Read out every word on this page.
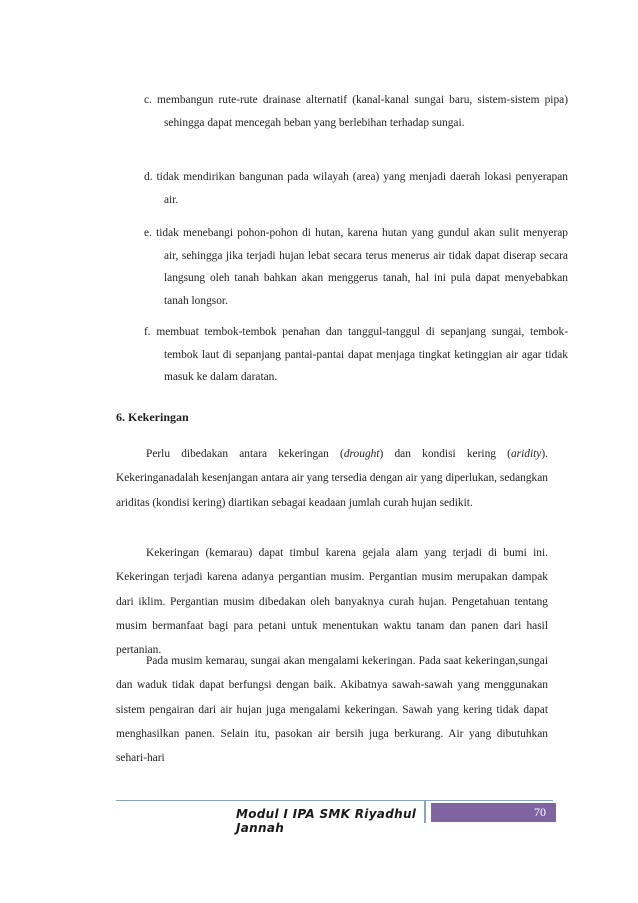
c. membangun rute-rute drainase alternatif (kanal-kanal sungai baru, sistem-sistem pipa) sehingga dapat mencegah beban yang berlebihan terhadap sungai.
d. tidak mendirikan bangunan pada wilayah (area) yang menjadi daerah lokasi penyerapan air.
e. tidak menebangi pohon-pohon di hutan, karena hutan yang gundul akan sulit menyerap air, sehingga jika terjadi hujan lebat secara terus menerus air tidak dapat diserap secara langsung oleh tanah bahkan akan menggerus tanah, hal ini pula dapat menyebabkan tanah longsor.
f. membuat tembok-tembok penahan dan tanggul-tanggul di sepanjang sungai, tembok-tembok laut di sepanjang pantai-pantai dapat menjaga tingkat ketinggian air agar tidak masuk ke dalam daratan.
6. Kekeringan
Perlu dibedakan antara kekeringan (drought) dan kondisi kering (aridity). Kekeringanadalah kesenjangan antara air yang tersedia dengan air yang diperlukan, sedangkan ariditas (kondisi kering) diartikan sebagai keadaan jumlah curah hujan sedikit.
Kekeringan (kemarau) dapat timbul karena gejala alam yang terjadi di bumi ini. Kekeringan terjadi karena adanya pergantian musim. Pergantian musim merupakan dampak dari iklim. Pergantian musim dibedakan oleh banyaknya curah hujan. Pengetahuan tentang musim bermanfaat bagi para petani untuk menentukan waktu tanam dan panen dari hasil pertanian.
Pada musim kemarau, sungai akan mengalami kekeringan. Pada saat kekeringan,sungai dan waduk tidak dapat berfungsi dengan baik. Akibatnya sawah-sawah yang menggunakan sistem pengairan dari air hujan juga mengalami kekeringan. Sawah yang kering tidak dapat menghasilkan panen. Selain itu, pasokan air bersih juga berkurang. Air yang dibutuhkan sehari-hari
Modul I IPA SMK Riyadhul Jannah
70
